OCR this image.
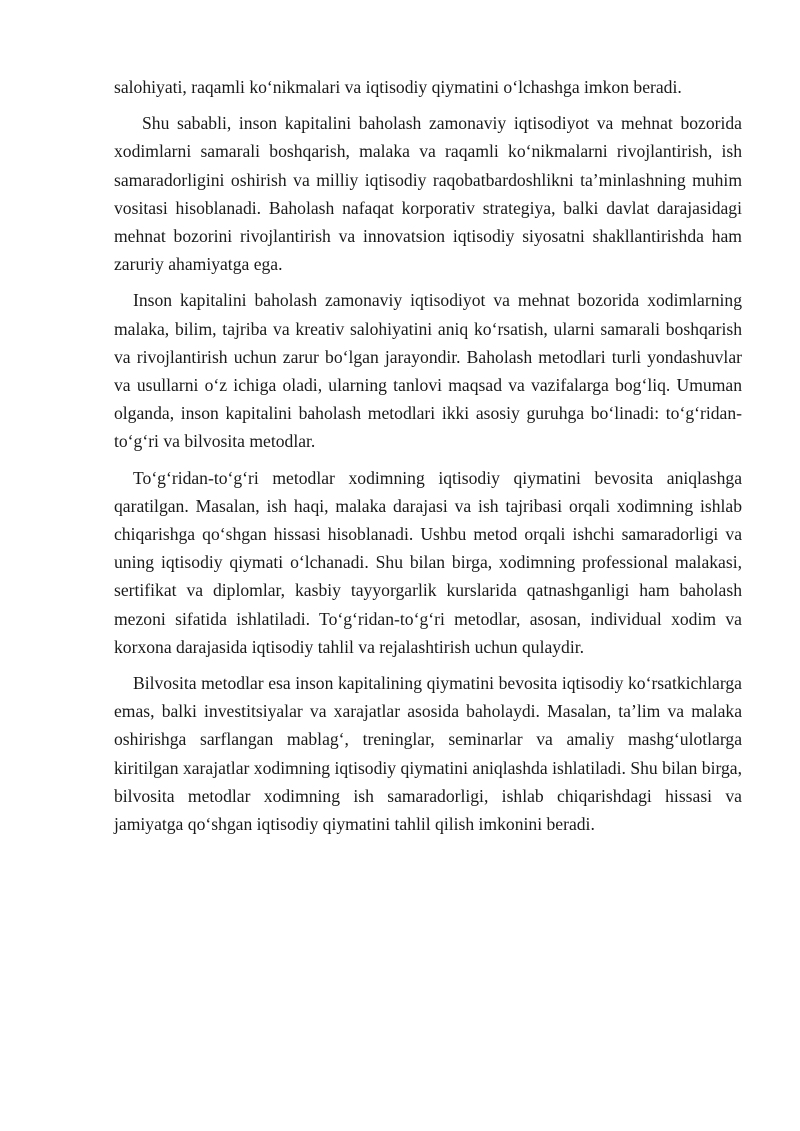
salohiyati, raqamli ko‘nikmalari va iqtisodiy qiymatini o‘lchashga imkon beradi.

Shu sababli, inson kapitalini baholash zamonaviy iqtisodiyot va mehnat bozorida xodimlarni samarali boshqarish, malaka va raqamli ko‘nikmalarni rivojlantirish, ish samaradorligini oshirish va milliy iqtisodiy raqobatbardoshlikni ta’minlashning muhim vositasi hisoblanadi. Baholash nafaqat korporativ strategiya, balki davlat darajasidagi mehnat bozorini rivojlantirish va innovatsion iqtisodiy siyosatni shakllantirishda ham zaruriy ahamiyatga ega.

Inson kapitalini baholash zamonaviy iqtisodiyot va mehnat bozorida xodimlarning malaka, bilim, tajriba va kreativ salohiyatini aniq ko‘rsatish, ularni samarali boshqarish va rivojlantirish uchun zarur bo‘lgan jarayondir. Baholash metodlari turli yondashuvlar va usullarni o‘z ichiga oladi, ularning tanlovi maqsad va vazifalarga bog‘liq. Umuman olganda, inson kapitalini baholash metodlari ikki asosiy guruhga bo‘linadi: to‘g‘ridan-to‘g‘ri va bilvosita metodlar.

To‘g‘ridan-to‘g‘ri metodlar xodimning iqtisodiy qiymatini bevosita aniqlashga qaratilgan. Masalan, ish haqi, malaka darajasi va ish tajribasi orqali xodimning ishlab chiqarishga qo‘shgan hissasi hisoblanadi. Ushbu metod orqali ishchi samaradorligi va uning iqtisodiy qiymati o‘lchanadi. Shu bilan birga, xodimning professional malakasi, sertifikat va diplomlar, kasbiy tayyorgarlik kurslarida qatnashganligi ham baholash mezoni sifatida ishlatiladi. To‘g‘ridan-to‘g‘ri metodlar, asosan, individual xodim va korxona darajasida iqtisodiy tahlil va rejalashtirish uchun qulaydir.

Bilvosita metodlar esa inson kapitalining qiymatini bevosita iqtisodiy ko‘rsatkichlarga emas, balki investitsiyalar va xarajatlar asosida baholaydi. Masalan, ta’lim va malaka oshirishga sarflangan mablag‘, treninglar, seminarlar va amaliy mashg‘ulotlarga kiritilgan xarajatlar xodimning iqtisodiy qiymatini aniqlashda ishlatiladi. Shu bilan birga, bilvosita metodlar xodimning ish samaradorligi, ishlab chiqarishdagi hissasi va jamiyatga qo‘shgan iqtisodiy qiymatini tahlil qilish imkonini beradi.
